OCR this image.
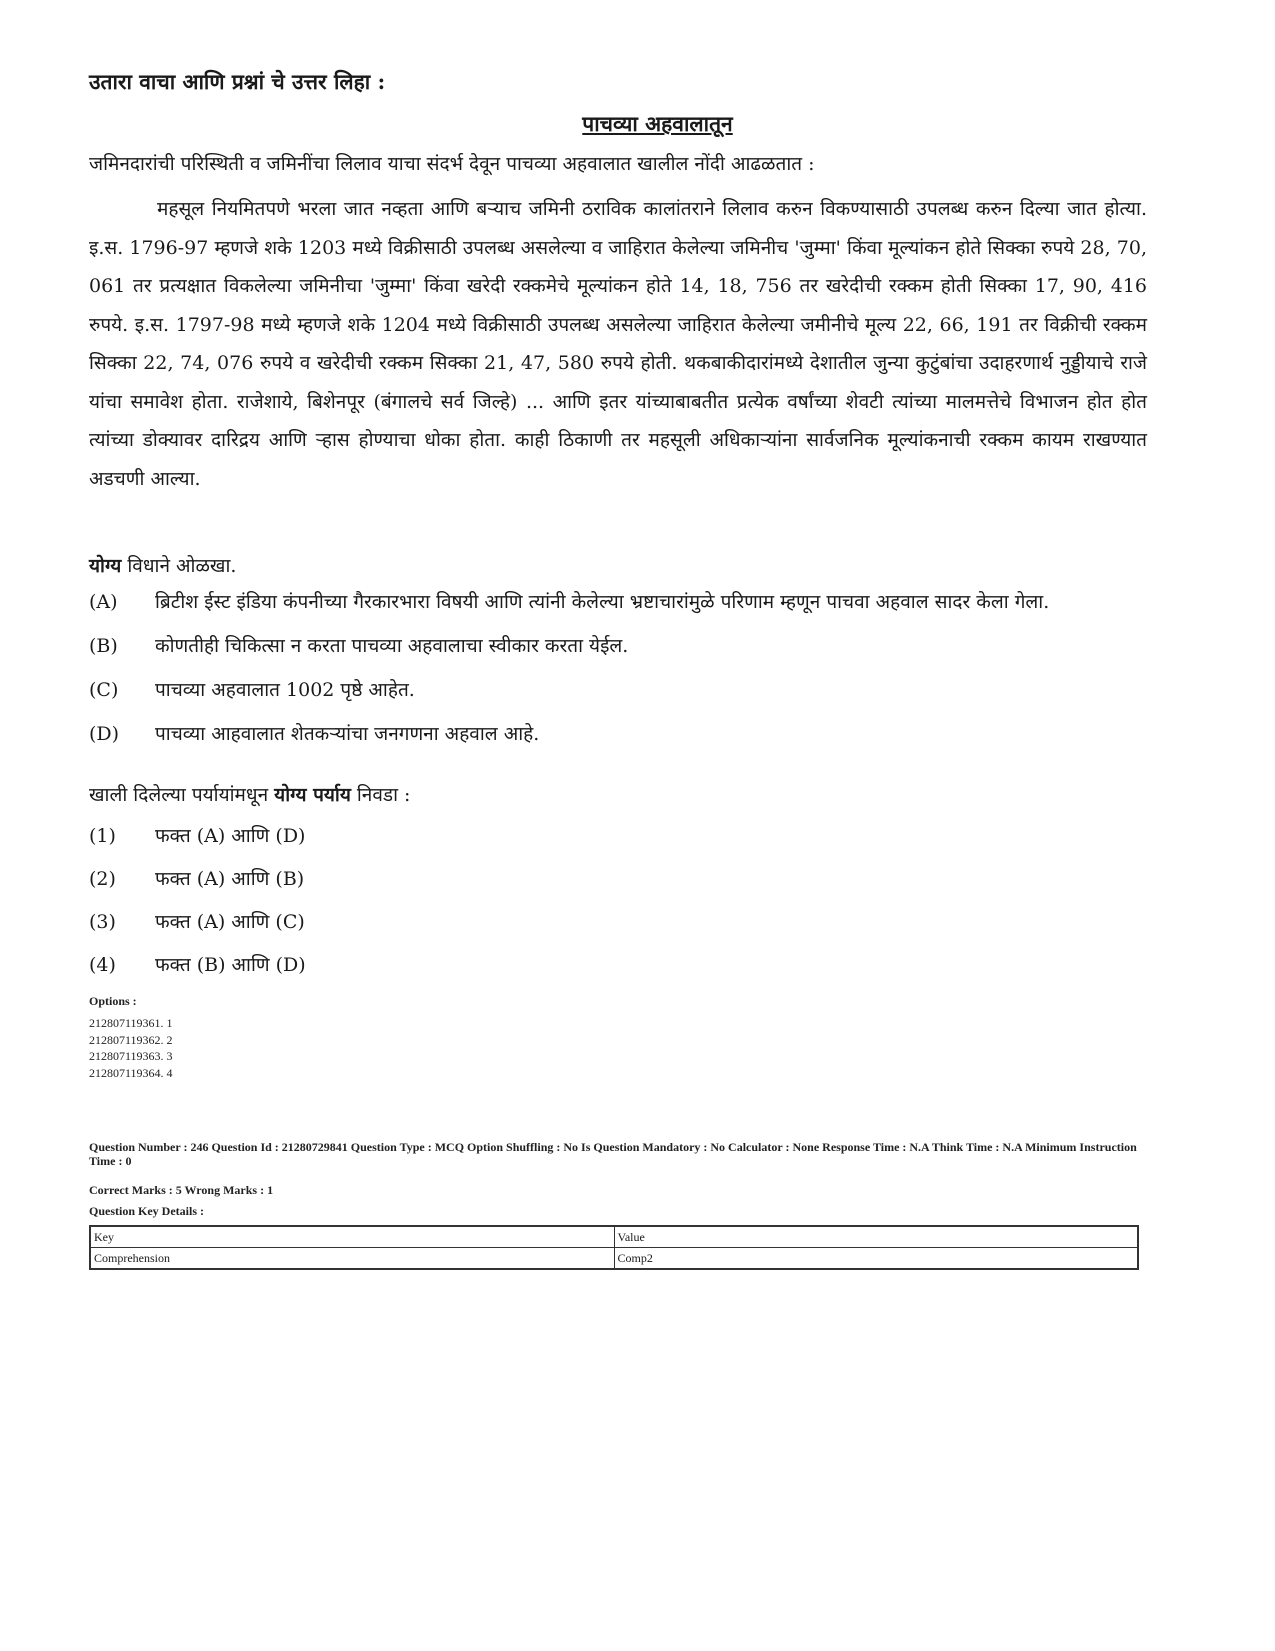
उतारा वाचा आणि प्रश्नां चे उत्तर लिहा :
पाचव्या अहवालातून
जमिनदारांची परिस्थिती व जमिनींचा लिलाव याचा संदर्भ देवून पाचव्या अहवालात खालील नोंदी आढळतात :

महसूल नियमितपणे भरला जात नव्हता आणि बऱ्याच जमिनी ठराविक कालांतराने लिलाव करुन विकण्यासाठी उपलब्ध करुन दिल्या जात होत्या. इ.स. 1796-97 म्हणजे शके 1203 मध्ये विक्रीसाठी उपलब्ध असलेल्या व जाहिरात केलेल्या जमिनीच 'जुम्मा' किंवा मूल्यांकन होते सिक्का रुपये 28, 70, 061 तर प्रत्यक्षात विकलेल्या जमिनीचा 'जुम्मा' किंवा खरेदी रक्कमेचे मूल्यांकन होते 14, 18, 756 तर खरेदीची रक्कम होती सिक्का 17, 90, 416 रुपये. इ.स. 1797-98 मध्ये म्हणजे शके 1204 मध्ये विक्रीसाठी उपलब्ध असलेल्या जाहिरात केलेल्या जमीनीचे मूल्य 22, 66, 191 तर विक्रीची रक्कम सिक्का 22, 74, 076 रुपये व खरेदीची रक्कम सिक्का 21, 47, 580 रुपये होती. थकबाकीदारांमध्ये देशातील जुन्या कुटुंबांचा उदाहरणार्थ नुड्डीयाचे राजे यांचा समावेश होता. राजेशाये, बिशेनपूर (बंगालचे सर्व जिल्हे) ... आणि इतर यांच्याबाबतीत प्रत्येक वर्षांच्या शेवटी त्यांच्या मालमत्तेचे विभाजन होत होत त्यांच्या डोक्यावर दारिद्रय आणि ऱ्हास होण्याचा धोका होता. काही ठिकाणी तर महसूली अधिकाऱ्यांना सार्वजनिक मूल्यांकनाची रक्कम कायम राखण्यात अडचणी आल्या.

योग्य विधाने ओळखा.
(A)	ब्रिटीश ईस्ट इंडिया कंपनीच्या गैरकारभारा विषयी आणि त्यांनी केलेल्या भ्रष्टाचारांमुळे परिणाम म्हणून पाचवा अहवाल सादर केला गेला.
(B)	कोणतीही चिकित्सा न करता पाचव्या अहवालाचा स्वीकार करता येईल.
(C)	पाचव्या अहवालात 1002 पृष्ठे आहेत.
(D)	पाचव्या आहवालात शेतकऱ्यांचा जनगणना अहवाल आहे.
खाली दिलेल्या पर्यायांमधून योग्य पर्याय निवडा :
(1)	फक्त (A) आणि (D)
(2)	फक्त (A) आणि (B)
(3)	फक्त (A) आणि (C)
(4)	फक्त (B) आणि (D)
Options :
212807119361. 1
212807119362. 2
212807119363. 3
212807119364. 4
Question Number : 246 Question Id : 21280729841 Question Type : MCQ Option Shuffling : No Is Question Mandatory : No Calculator : None Response Time : N.A Think Time : N.A Minimum Instruction Time : 0
Correct Marks : 5 Wrong Marks : 1
Question Key Details :
Key	Value
Comprehension	Comp2
